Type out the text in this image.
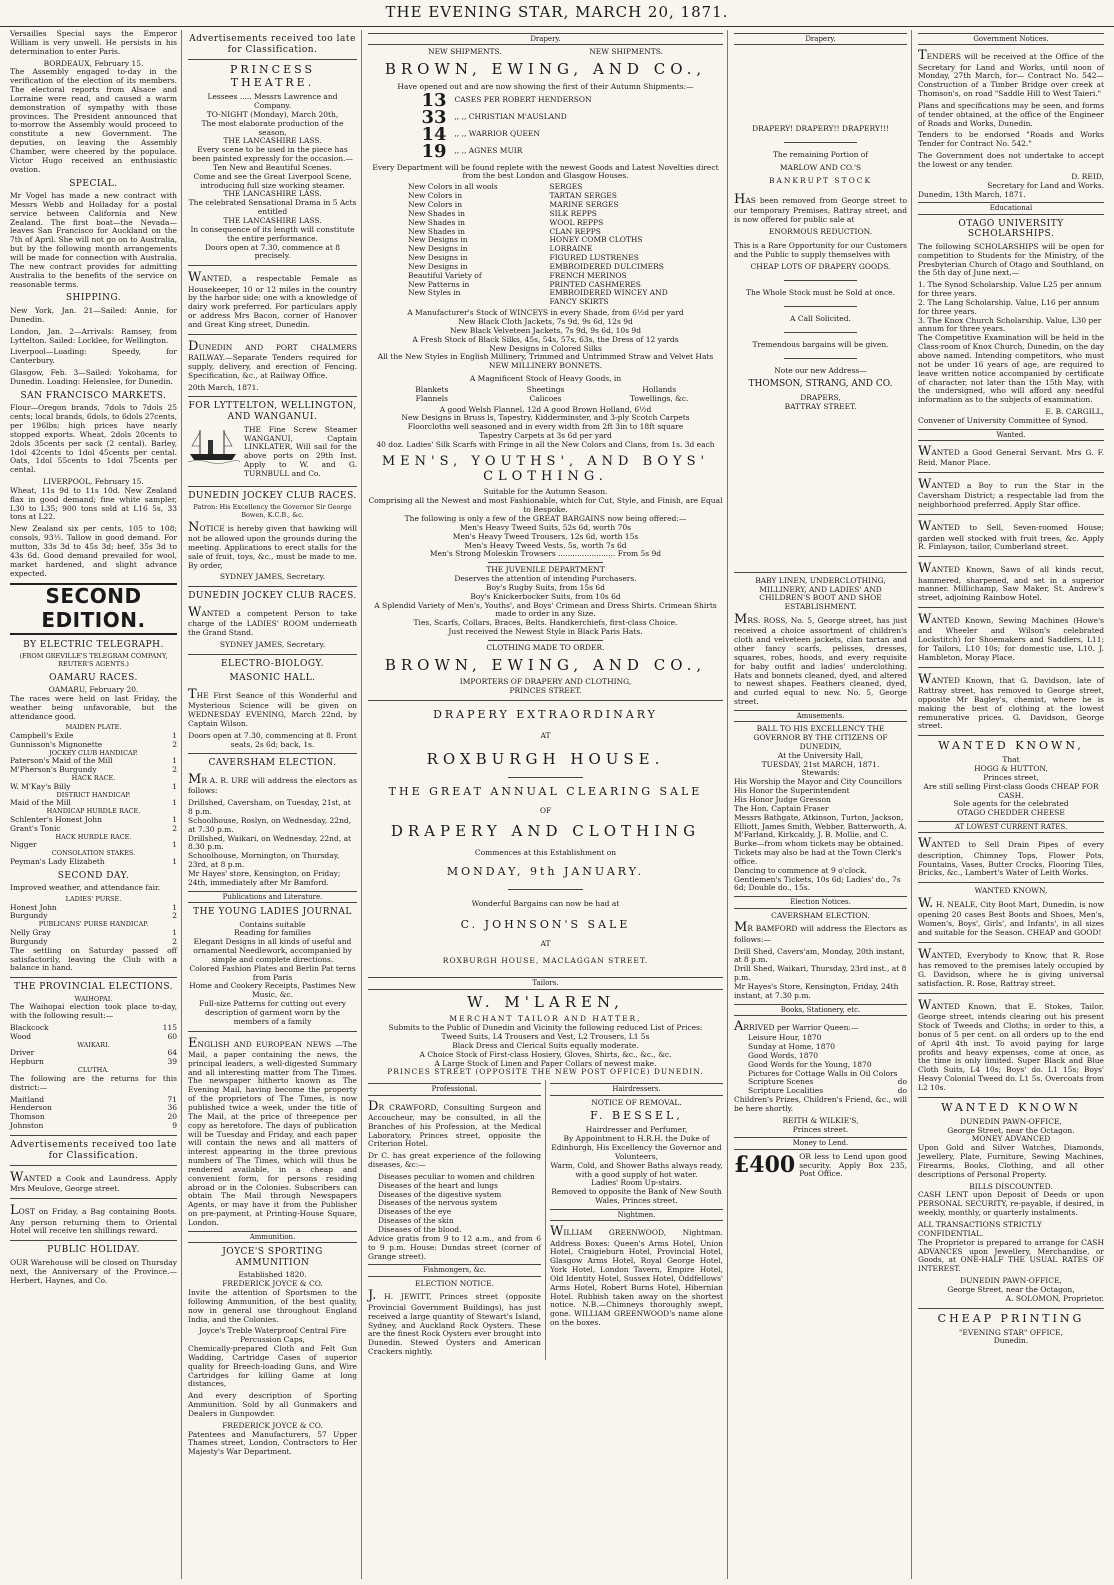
THE EVENING STAR, MARCH 20, 1871.

Versailles Special says the Emperor William is very unwell. He persists in his determination to enter Paris.

BORDEAUX, February 15.

The Assembly engaged to-day in the verification of the election of its members. The electoral reports from Alsace and Lorraine were read, and caused a warm demonstration of sympathy with those provinces. The President announced that to-morrow the Assembly would proceed to constitute a new Government. The deputies, on leaving the Assembly Chamber, were cheered by the populace. Victor Hugo received an enthusiastic ovation.

SPECIAL.

Mr Vogel has made a new contract with Messrs Webb and Holladay for a postal service between California and New Zealand. The first boat—the Nevada—leaves San Francisco for Auckland on the 7th of April. She will not go on to Australia, but by the following month arrangements will be made for connection with Australia. The new contract provides for admitting Australia to the benefits of the service on reasonable terms.

SHIPPING.

New York, Jan. 21—Sailed: Annie, for Dunedin.

London, Jan. 2—Arrivals: Ramsey, from Lyttelton. Sailed: Locklee, for Wellington.

Liverpool—Loading: Speedy, for Canterbury.

Glasgow, Feb. 3—Sailed: Yokohama, for Dunedin. Loading: Helenslee, for Dunedin.

SAN FRANCISCO MARKETS.

Flour—Oregon brands, 7dols to 7dols 25 cents; local brands, 6dols, to 6dols 27cents, per 196lbs; high prices have nearly stopped exports. Wheat, 2dols 20cents to 2dols 35cents per sack (2 cental). Barley, 1dol 42cents to 1dol 45cents per cental. Oats, 1dol 55cents to 1dol 75cents per cental.

LIVERPOOL, February 15.

Wheat, 11s 9d to 11s 10d. New Zealand flax in good demand; fine white sampler, L30 to L35; 900 tons sold at L16 5s, 33 tons at L22.

New Zealand six per cents, 105 to 108; consols, 93½. Tallow in good demand. For mutton, 33s 3d to 45s 3d; beef, 35s 3d to 43s 6d. Good demand prevailed for wool, market hardened, and slight advance expected.

SECOND EDITION.
BY ELECTRIC TELEGRAPH.
(FROM GREVILLE'S TELEGRAM COMPANY, REUTER'S AGENTS.)
OAMARU RACES.
OAMARU, February 20.

The races were held on last Friday, the weather being unfavorable, but the attendance good.

MAIDEN PLATE.
Campbell's Exile	1
Gunnisson's Mignonette	2
JOCKEY CLUB HANDICAP.
Paterson's Maid of the Mill	1
M'Pherson's Burgundy	2
HACK RACE.
W. M'Kay's Billy	1
DISTRICT HANDICAP.
Maid of the Mill	1
HANDICAP HURDLE RACE.
Schlenter's Honest John	1
Grant's Tonic	2
HACK HURDLE RACE.
Nigger	1
CONSOLATION STAKES.
Peyman's Lady Elizabeth	1
SECOND DAY.

Improved weather, and attendance fair.

LADIES' PURSE.
Honest John	1
Burgundy	2
PUBLICANS' PURSE HANDICAP.
Nelly Gray	1
Burgundy	2

The settling on Saturday passed off satisfactorily, leaving the Club with a balance in hand.

THE PROVINCIAL ELECTIONS.
WAIHOPAI.

The Waihopai election took place to-day, with the following result:—

Blackcock	115
Wood	60
WAIKARI.
Driver	64
Hepburn	39
CLUTHA.

The following are the returns for this district:—

Maitland	71
Henderson	36
Thomson	20
Johnston	9
Advertisements received too late for Classification.

WANTED a Cook and Laundress. Apply Mrs Meulove, George street.

LOST on Friday, a Bag containing Boots. Any person returning them to Oriental Hotel will receive ten shillings reward.

PUBLIC HOLIDAY.

OUR Warehouse will be closed on Thursday next, the Anniversary of the Province.—Herbert, Haynes, and Co.

Advertisements received too late for Classification.
PRINCESS THEATRE.
Lessees ..... Messrs Lawrence and Company.
TO-NIGHT (Monday), March 20th,
The most elaborate production of the season,
THE LANCASHIRE LASS.
Every scene to be used in the piece has been painted expressly for the occasion.—Ten New and Beautiful Scenes.
Come and see the Great Liverpool Scene, introducing full size working steamer.
THE LANCASHIRE LASS.
The celebrated Sensational Drama in 5 Acts entitled
THE LANCASHIRE LASS.
In consequence of its length will constitute the entire performance.
Doors open at 7.30, commence at 8 precisely.

WANTED, a respectable Female as Housekeeper, 10 or 12 miles in the country by the harbor side; one with a knowledge of dairy work preferred. For particulars apply or address Mrs Bacon, corner of Hanover and Great King street, Dunedin.

DUNEDIN AND PORT CHALMERS RAILWAY.—Separate Tenders required for supply, delivery, and erection of Fencing. Specification, &c., at Railway Office.

20th March, 1871.
FOR LYTTELTON, WELLINGTON, AND WANGANUI.

THE Fine Screw Steamer WANGANUI, Captain LINKLATER, Will sail for the above ports on 29th Inst. Apply to W. and G. TURNBULL and Co.

DUNEDIN JOCKEY CLUB RACES.
Patron: His Excellency the Governor Sir George Bowen, K.C.B., &c.

NOTICE is hereby given that hawking will not be allowed upon the grounds during the meeting. Applications to erect stalls for the sale of fruit, toys, &c., must be made to me. By order,

SYDNEY JAMES, Secretary.
DUNEDIN JOCKEY CLUB RACES.

WANTED a competent Person to take charge of the LADIES' ROOM underneath the Grand Stand.

SYDNEY JAMES, Secretary.
ELECTRO-BIOLOGY.
MASONIC HALL.

THE First Seance of this Wonderful and Mysterious Science will be given on WEDNESDAY EVENING, March 22nd, by Captain Wilson.

Doors open at 7.30, commencing at 8. Front seats, 2s 6d; back, 1s.
CAVERSHAM ELECTION.

MR A. R. URE will address the electors as follows:

Drillshed, Caversham, on Tuesday, 21st, at 8 p.m.
Schoolhouse, Roslyn, on Wednesday, 22nd, at 7.30 p.m.
Drillshed, Waikari, on Wednesday, 22nd, at 8.30 p.m.
Schoolhouse, Mornington, on Thursday, 23rd, at 8 p.m.
Mr Hayes' store, Kensington, on Friday; 24th, immediately after Mr Bamford.
Publications and Literature.
THE YOUNG LADIES JOURNAL
Contains suitable
Reading for families
Elegant Designs in all kinds of useful and ornamental Needlework, accompanied by simple and complete directions.
Colored Fashion Plates and Berlin Pat terns from Paris
Home and Cookery Receipts, Pastimes New Music, &c.
Full-size Patterns for cutting out every description of garment worn by the members of a family

ENGLISH AND EUROPEAN NEWS —The Mail, a paper containing the news, the principal leaders, a well-digested Summary and all interesting matter from The Times. The newspaper hitherto known as The Evening Mail, having become the property of the proprietors of The Times, is now published twice a week, under the title of The Mail, at the price of threepence per copy as heretofore. The days of publication will be Tuesday and Friday, and each paper will contain the news and all matters of interest appearing in the three previous numbers of The Times, which will thus be rendered available, in a cheap and convenient form, for persons residing abroad or in the Colonies. Subscribers can obtain The Mail through Newspapers Agents, or may have it from the Publisher on pre-payment, at Printing-House Square, London.

Ammunition.
JOYCE'S SPORTING AMMUNITION
Established 1820.
FREDERICK JOYCE & CO.

Invite the attention of Sportsmen to the following Ammunition, of the best quality, now in general use throughout England India, and the Colonies.

Joyce's Treble Waterproof Central Fire Percussion Caps,

Chemically-prepared Cloth and Felt Gun Wadding, Cartridge Cases of superior quality for Breech-loading Guns, and Wire Cartridges for killing Game at long distances,

And every description of Sporting Ammunition. Sold by all Gunmakers and Dealers in Gunpowder.

FREDERICK JOYCE & CO.

Patentees and Manufacturers, 57 Upper Thames street, London, Contractors to Her Majesty's War Department.

Drapery.
NEW SHIPMENTS.	NEW SHIPMENTS.
BROWN, EWING, AND CO.,
Have opened out and are now showing the first of their Autumn Shipments:—
13 CASES PER ROBERT HENDERSON
33 ,, ,, CHRISTIAN M'AUSLAND
14 ,, ,, WARRIOR QUEEN
19 ,, ,, AGNES MUIR
Every Department will be found replete with the newest Goods and Latest Novelties direct from the best London and Glasgow Houses.
New Colors in all wools	SERGES
New Colors in	TARTAN SERGES
New Colors in	MARINE SERGES
New Shades in	SILK REPPS
New Shades in	WOOL REPPS
New Shades in	CLAN REPPS
New Designs in	HONEY COMB CLOTHS
New Designs in	LORRAINE
New Designs in	FIGURED LUSTRENES
New Designs in	EMBROIDERED DULCIMERS
Beautiful Variety of	FRENCH MERINOS
New Patterns in	PRINTED CASHMERES
New Styles in	EMBROIDERED WINCEY AND FANCY SKIRTS
A Manufacturer's Stock of WINCEYS in every Shade, from 6½d per yard
New Black Cloth Jackets, 7s 9d, 9s 6d, 12s 9d
New Black Velveteen Jackets, 7s 9d, 9s 6d, 10s 9d
A Fresh Stock of Black Silks, 45s, 54s, 57s, 63s, the Dress of 12 yards
New Designs in Colored Silks
All the New Styles in English Millinery, Trimmed and Untrimmed Straw and Velvet Hats
NEW MILLINERY BONNETS.
A Magnificent Stock of Heavy Goods, in
Blankets	Sheetings	Hollands
Flannels	Calicoes	Towellings, &c.
A good Welsh Flannel, 12d A good Brown Holland, 6½d
New Designs in Bruss ls, Tapestry, Kidderminster, and 3-ply Scotch Carpets
Floorcloths well seasoned and in every width from 2ft 3in to 18ft square
Tapestry Carpets at 3s 6d per yard
40 doz. Ladies' Silk Scarfs with Fringe in all the New Colors and Clans, from 1s. 3d each
MEN'S, YOUTHS', AND BOYS' CLOTHING.
Suitable for the Autumn Season.
Comprising all the Newest and most Fashionable, which for Cut, Style, and Finish, are Equal to Bespoke.
The following is only a few of the GREAT BARGAINS now being offered:—
Men's Heavy Tweed Suits, 52s 6d, worth 70s
Men's Heavy Tweed Trousers, 12s 6d, worth 15s
Men's Heavy Tweed Vests, 5s, worth 7s 6d
Men's Strong Moleskin Trowsers ........................ From 5s 9d
THE JUVENILE DEPARTMENT
Deserves the attention of intending Purchasers.
Boy's Rugby Suits, from 15s 6d
Boy's Knickerbocker Suits, from 10s 6d
A Splendid Variety of Men's, Youths', and Boys' Crimean and Dress Shirts. Crimean Shirts made to order in any Size.
Ties, Scarfs, Collars, Braces, Belts. Handkerchiefs, first-class Choice.
Just received the Newest Style in Black Paris Hats.
CLOTHING MADE TO ORDER.
BROWN, EWING, AND CO.,
IMPORTERS OF DRAPERY AND CLOTHING,
PRINCES STREET.
DRAPERY EXTRAORDINARY
AT
ROXBURGH HOUSE.
THE GREAT ANNUAL CLEARING SALE
OF
DRAPERY AND CLOTHING
Commences at this Establishment on
MONDAY, 9th JANUARY.
Wonderful Bargains can now be had at
C. JOHNSON'S SALE
AT
ROXBURGH HOUSE, MACLAGGAN STREET.
Tailors.
W. M'LAREN,
MERCHANT TAILOR AND HATTER,
Submits to the Public of Dunedin and Vicinity the following reduced List of Prices:
Tweed Suits, L4 Trousers and Vest, L2 Trousers, L1 5s
Black Dress and Clerical Suits equally moderate.
A Choice Stock of First-class Hosiery, Gloves, Shirts, &c., &c., &c.
A Large Stock of Linen and Paper Collars of newest make.
PRINCES STREET (OPPOSITE THE NEW POST OFFICE) DUNEDIN.
Professional.

DR CRAWFORD, Consulting Surgeon and Accoucheur, may be consulted, in all the Branches of his Profession, at the Medical Laboratory, Princes street, opposite the Criterion Hotel.

Dr C. has great experience of the following diseases, &c:—

Diseases peculiar to women and children
Diseases of the heart and lungs
Diseases of the digestive system
Diseases of the nervous system
Diseases of the eye
Diseases of the skin
Diseases of the blood.

Advice gratis from 9 to 12 a.m., and from 6 to 9 p.m. House: Dundas street (corner of Grange street).

Fishmongers, &c.
ELECTION NOTICE.

J. H. JEWITT, Princes street (opposite Provincial Government Buildings), has just received a large quantity of Stewart's Island, Sydney, and Auckland Rock Oysters. These are the finest Rock Oysters ever brought into Dunedin. Stewed Oysters and American Crackers nightly.

Hairdressers.
NOTICE OF REMOVAL.
F. BESSEL,
Hairdresser and Perfumer,
By Appointment to H.R.H. the Duke of Edinburgh, His Excellency the Governor and Volunteers,
Warm, Cold, and Shower Baths always ready, with a good supply of hot water.
Ladies' Room Up-stairs.
Removed to opposite the Bank of New South Wales, Princes street.
Nightmen.

WILLIAM GREENWOOD, Nightman. Address Boxes: Queen's Arms Hotel, Union Hotel, Craigieburn Hotel, Provincial Hotel, Glasgow Arms Hotel, Royal George Hotel, York Hotel, London Tavern, Empire Hotel, Old Identity Hotel, Sussex Hotel, Oddfellows' Arms Hotel, Robert Burns Hotel, Hibernian Hotel. Rubbish taken away on the shortest notice. N.B.—Chimneys thoroughly swept, gone. WILLIAM GREENWOOD's name alone on the boxes.

Drapery.
DRAPERY! DRAPERY!! DRAPERY!!!
The remaining Portion of
MARLOW AND CO.'S
BANKRUPT STOCK

HAS been removed from George street to our temporary Premises, Rattray street, and is now offered for public sale at

ENORMOUS REDUCTION.

This is a Rare Opportunity for our Customers and the Public to supply themselves with

CHEAP LOTS OF DRAPERY GOODS.
The Whole Stock must be Sold at once.
A Call Solicited.
Tremendous bargains will be given.
Note our new Address—
THOMSON, STRANG, AND CO.
DRAPERS,
BATTRAY STREET.
BABY LINEN, UNDERCLOTHING, MILLINERY, AND LADIES' AND CHILDREN'S BOOT AND SHOE ESTABLISHMENT.

MRS. ROSS, No. 5, George street, has just received a choice assortment of children's cloth and velveteen jackets, clan tartan and other fancy scarfs, pelisses, dresses, squares, robes, hoods, and every requisite for baby outfit and ladies' underclothing. Hats and bonnets cleaned, dyed, and altered to newest shapes. Feathers cleaned, dyed, and curled equal to new. No. 5, George street.

Amusements.
BALL TO HIS EXCELLENCY THE GOVERNOR BY THE CITIZENS OF DUNEDIN,
At the University Hall,
TUESDAY, 21st MARCH, 1871.
Stewards:
His Worship the Mayor and City Councillors
His Honor the Superintendent
His Honor Judge Gresson
The Hon. Captain Fraser
Messrs Bathgate, Atkinson, Turton, Jackson, Elliott, James Smith, Webber, Batterworth, A. M'Farland, Kirkcaldy, J. B. Mollie, and C. Burke—from whom tickets may be obtained. Tickets may also be had at the Town Clerk's office.
Dancing to commence at 9 o'clock.
Gentlemen's Tickets, 10s 6d; Ladies' do., 7s 6d; Double do., 15s.
Election Notices.
CAVERSHAM ELECTION.

MR BAMFORD will address the Electors as follows:—

Drill Shed, Cavers'am, Monday, 20th instant, at 8 p.m.
Drill Shed, Waikari, Thursday, 23rd inst., at 8 p.m.
Mr Hayes's Store, Kensington, Friday, 24th instant, at 7.30 p.m.
Books, Stationery, etc.
ARRIVED per Warrior Queen:—
Leisure Hour, 1870
Sunday at Home, 1870
Good Words, 1870
Good Words for the Young, 1870
Pictures for Cottage Walls in Oil Colors
Scripture Scenes	do
Scripture Localities	do

Children's Prizes, Children's Friend, &c., will be here shortly.

REITH & WILKIE'S,
Princes street.
Money to Lend.
£400 OR less to Lend upon good security. Apply Box 235, Post Office.

Government Notices.

TENDERS will be received at the Office of the Secretary for Land and Works, until noon of Monday, 27th March, for— Contract No. 542—Construction of a Timber Bridge over creek at Thomson's, on road "Saddle Hill to West Taieri."

Plans and specifications may be seen, and forms of tender obtained, at the office of the Engineer of Roads and Works, Dunedin.

Tenders to be endorsed "Roads and Works Tender for Contract No. 542."

The Government does not undertake to accept the lowest or any tender.

D. REID,
Secretary for Land and Works.
Dunedin, 13th March, 1871.
Educational
OTAGO UNIVERSITY SCHOLARSHIPS.

The following SCHOLARSHIPS will be open for competition to Students for the Ministry, of the Presbyterian Church of Otago and Southland, on the 5th day of June next,—

1. The Synod Scholarship. Value L25 per annum for three years.
2. The Lang Scholarship. Value, L16 per annum for three years.
3. The Knox Church Scholarship. Value, L30 per annum for three years.

The Competitive Examination will be held in the Class-room of Knox Church, Dunedin, on the day above named. Intending competitors, who must not be under 16 years of age, are required to leave written notice accompanied by certificate of character, not later than the 15th May, with the undersigned, who will afford any needful information as to the subjects of examination.

E. B. CARGILL,
Convener of University Committee of Synod.
Wanted.

WANTED a Good General Servant. Mrs G. F. Reid, Manor Place.

WANTED a Boy to run the Star in the Caversham District; a respectable lad from the neighborhood preferred. Apply Star office.

WANTED to Sell, Seven-roomed House; garden well stocked with fruit trees, &c. Apply R. Finlayson, tailor, Cumberland street.

WANTED Known, Saws of all kinds recut, hammered, sharpened, and set in a superior manner. Millichamp, Saw Maker, St. Andrew's street, adjoining Rainbow Hotel.

WANTED Known, Sewing Machines (Howe's and Wheeler and Wilson's celebrated Lockstitch) for Shoemakers and Saddlers, L11; for Tailors, L10 10s; for domestic use, L10. J. Hambleton, Moray Place.

WANTED Known, that G. Davidson, late of Rattray street, has removed to George street, opposite Mr Bagley's, chemist, where he is making the best of clothing at the lowest remunerative prices. G. Davidson, George street.

WANTED KNOWN,
That
HOGG & HUTTON,
Princes street,
Are still selling First-class Goods CHEAP FOR CASH.
Sole agents for the celebrated
OTAGO CHEDDER CHEESE
AT LOWEST CURRENT RATES.

WANTED to Sell Drain Pipes of every description, Chimney Tops, Flower Pots, Fountains, Vases, Butter Crocks, Flooring Tiles, Bricks, &c., Lambert's Water of Leith Works.

WANTED KNOWN,

W. H. NEALE, City Boot Mart, Dunedin, is now opening 20 cases Best Boots and Shoes, Men's, Women's, Boys', Girls', and Infants', in all sizes and suitable for the Season. CHEAP and GOOD!

WANTED, Everybody to Know, that R. Rose has removed to the premises lately occupied by G. Davidson, where he is giving universal satisfaction. R. Rose, Rattray street.

WANTED Known, that E. Stokes, Tailor, George street, intends clearing out his present Stock of Tweeds and Cloths; in order to this, a bonus of 5 per cent. on all orders up to the end of April 4th inst. To avoid paying for large profits and heavy expenses, come at once, as the time is only limited. Super Black and Blue Cloth Suits, L4 10s; Boys' do. L1 15s; Boys' Heavy Colonial Tweed do. L1 5s. Overcoats from L2 10s.

WANTED KNOWN
DUNEDIN PAWN-OFFICE,
George Street, near the Octagon.
MONEY ADVANCED

Upon Gold and Silver Watches, Diamonds, Jewellery, Plate, Furniture, Sewing Machines, Firearms, Books, Clothing, and all other descriptions of Personal Property.

BILLS DISCOUNTED.

CASH LENT upon Deposit of Deeds or upon PERSONAL SECURITY, re-payable, if desired, in weekly, monthly, or quarterly instalments.

ALL TRANSACTIONS STRICTLY CONFIDENTIAL.

The Proprietor is prepared to arrange for CASH ADVANCES upon Jewellery, Merchandise, or Goods, at ONE-HALF THE USUAL RATES OF INTEREST.

DUNEDIN PAWN-OFFICE,
George Street, near the Octagon,
A. SOLOMON, Proprietor.
CHEAP PRINTING
"EVENING STAR" OFFICE,
Dunedin.
